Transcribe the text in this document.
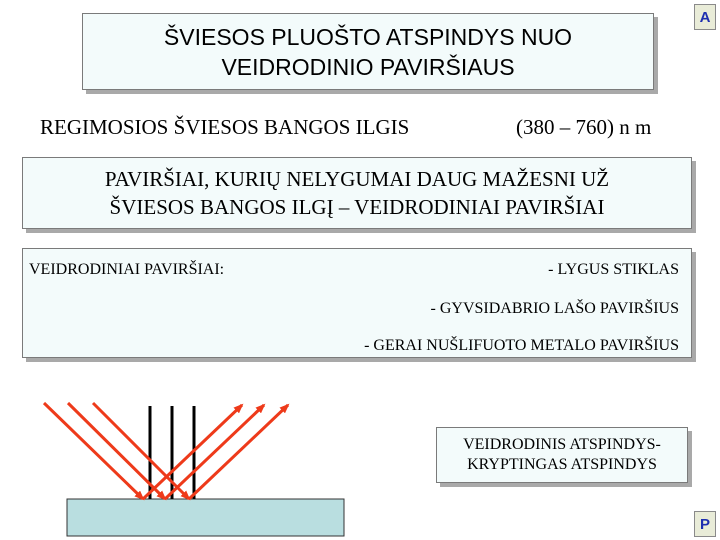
ŠVIESOS PLUOŠTO ATSPINDYS NUO
VEIDRODINIO PAVIRŠIAUS
A
P
REGIMOSIOS ŠVIESOS BANGOS ILGIS	(380 – 760) n m
PAVIRŠIAI, KURIŲ NELYGUMAI DAUG MAŽESNI UŽ
ŠVIESOS BANGOS ILGĮ – VEIDRODINIAI PAVIRŠIAI
VEIDRODINIAI PAVIRŠIAI:	- LYGUS STIKLAS
- GYVSIDABRIO LAŠO PAVIRŠIUS
- GERAI NUŠLIFUOTO METALO PAVIRŠIUS
VEIDRODINIS ATSPINDYS-
KRYPTINGAS ATSPINDYS
